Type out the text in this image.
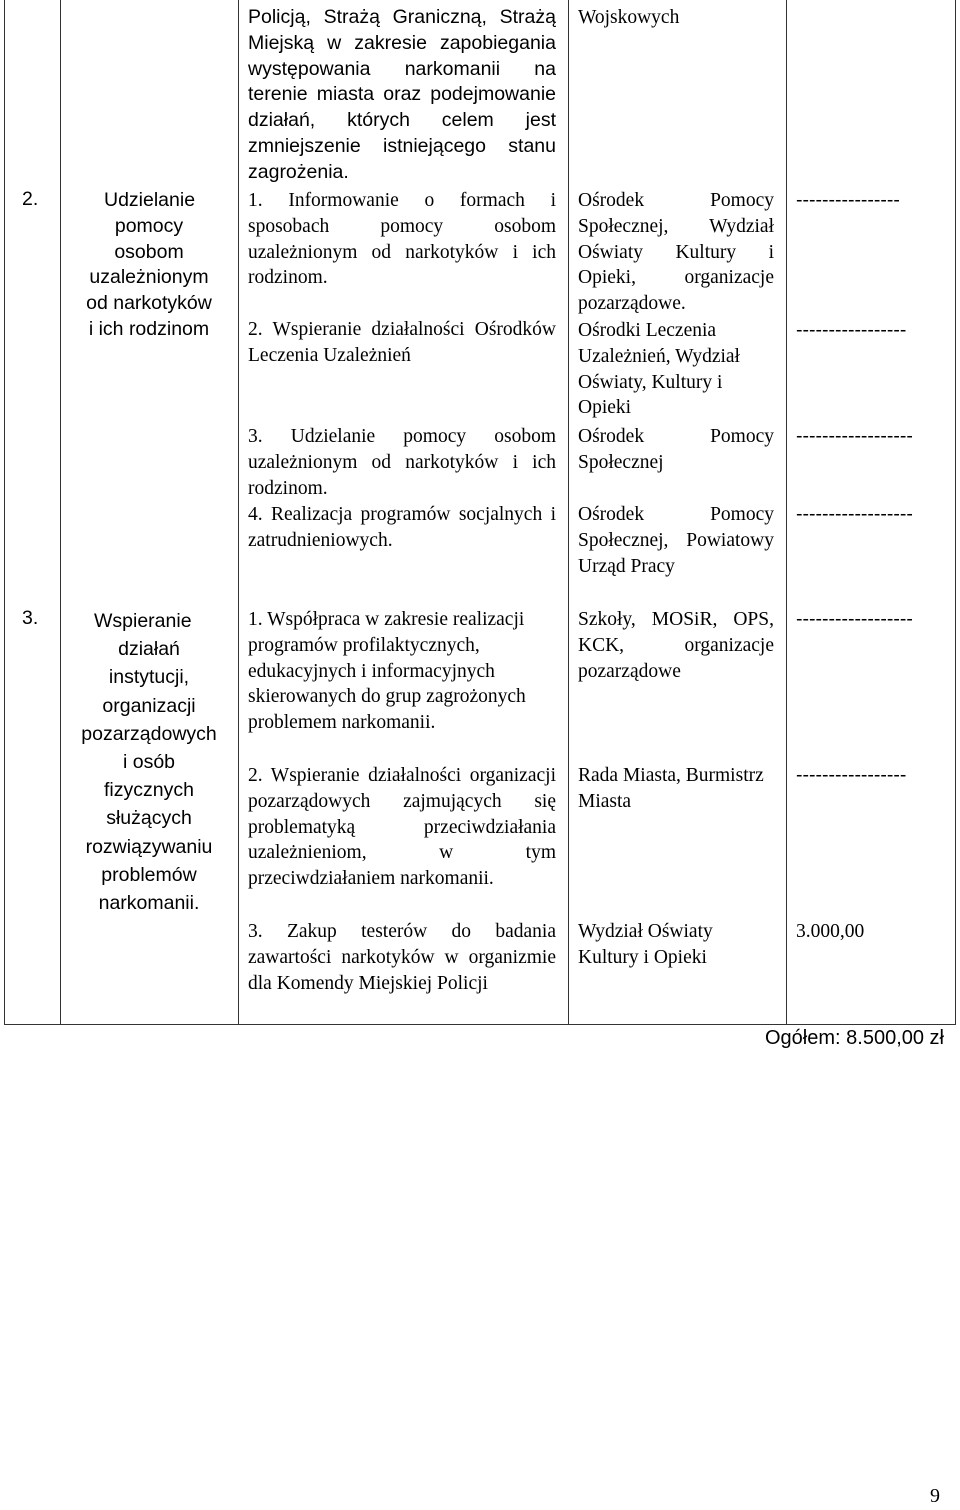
Policją, Strażą Graniczną, Strażą Miejską w zakresie zapobiegania występowania narkomanii na terenie miasta oraz podejmowanie działań, których celem jest zmniejszenie istniejącego stanu zagrożenia.
Wojskowych
2.	Udzielanie
pomocy
osobom
uzależnionym
od narkotyków
i ich rodzinom
1. Informowanie o formach i sposobach pomocy osobom uzależnionym od narkotyków i ich rodzinom.
2. Wspieranie działalności Ośrodków Leczenia Uzależnień
3. Udzielanie pomocy osobom uzależnionym od narkotyków i ich rodzinom.
4. Realizacja programów socjalnych i zatrudnieniowych.
Ośrodek Pomocy Społecznej, Wydział Oświaty Kultury i Opieki, organizacje pozarządowe.
Ośrodki Leczenia Uzależnień, Wydział Oświaty, Kultury i Opieki
Ośrodek Pomocy Społecznej
Ośrodek Pomocy Społecznej, Powiatowy Urząd Pracy
----------------
-----------------
------------------
------------------
3.	Wspieranie
działań
instytucji,
organizacji
pozarządowych
i osób
fizycznych
służących
rozwiązywaniu
problemów
narkomanii.
1. Współpraca w zakresie realizacji programów profilaktycznych, edukacyjnych i informacyjnych skierowanych do grup zagrożonych problemem narkomanii.
2. Wspieranie działalności organizacji pozarządowych zajmujących się problematyką przeciwdziałania uzależnieniom, w tym przeciwdziałaniem narkomanii.
3. Zakup testerów do badania zawartości narkotyków w organizmie dla Komendy Miejskiej Policji
Szkoły, MOSiR, OPS, KCK, organizacje pozarządowe
Rada Miasta, Burmistrz Miasta
Wydział Oświaty Kultury i Opieki
------------------
-----------------
3.000,00
Ogółem: 8.500,00 zł
9
